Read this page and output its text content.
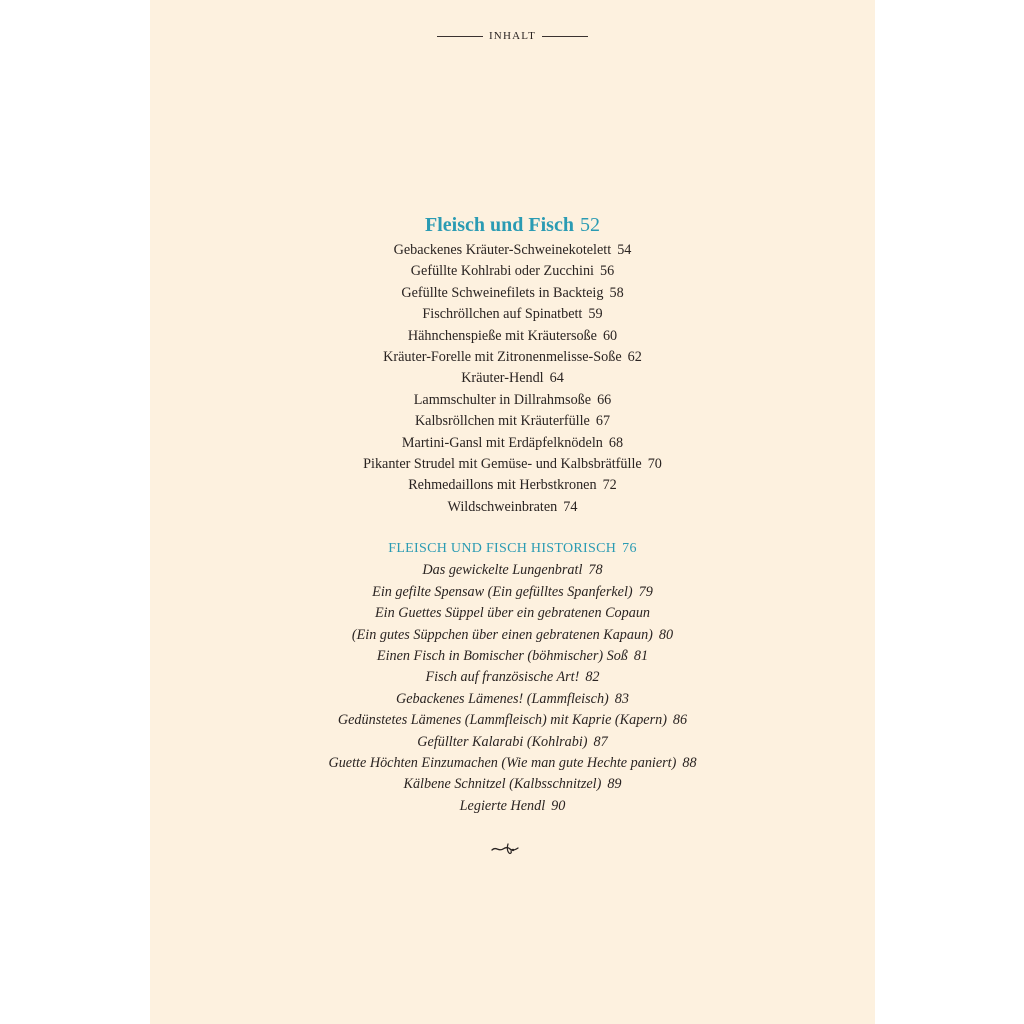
INHALT
Fleisch und Fisch 52
Gebackenes Kräuter-Schweinekotelett 54
Gefüllte Kohlrabi oder Zucchini 56
Gefüllte Schweinefilets in Backteig 58
Fischröllchen auf Spinatbett 59
Hähnchenspieße mit Kräutersoße 60
Kräuter-Forelle mit Zitronenmelisse-Soße 62
Kräuter-Hendl 64
Lammschulter in Dillrahmsoße 66
Kalbsröllchen mit Kräuterfülle 67
Martini-Gansl mit Erdäpfelknödeln 68
Pikanter Strudel mit Gemüse- und Kalbsbrätfülle 70
Rehmedaillons mit Herbstkronen 72
Wildschweinbraten 74
FLEISCH UND FISCH HISTORISCH 76
Das gewickelte Lungenbratl 78
Ein gefilte Spensaw (Ein gefülltes Spanferkel) 79
Ein Guettes Süppel über ein gebratenen Copaun
(Ein gutes Süppchen über einen gebratenen Kapaun) 80
Einen Fisch in Bomischer (böhmischer) Soß 81
Fisch auf französische Art! 82
Gebackenes Lämenes! (Lammfleisch) 83
Gedünstetes Lämenes (Lammfleisch) mit Kaprie (Kapern) 86
Gefüllter Kalarabi (Kohlrabi) 87
Guette Höchten Einzumachen (Wie man gute Hechte paniert) 88
Kälbene Schnitzel (Kalbsschnitzel) 89
Legierte Hendl 90
